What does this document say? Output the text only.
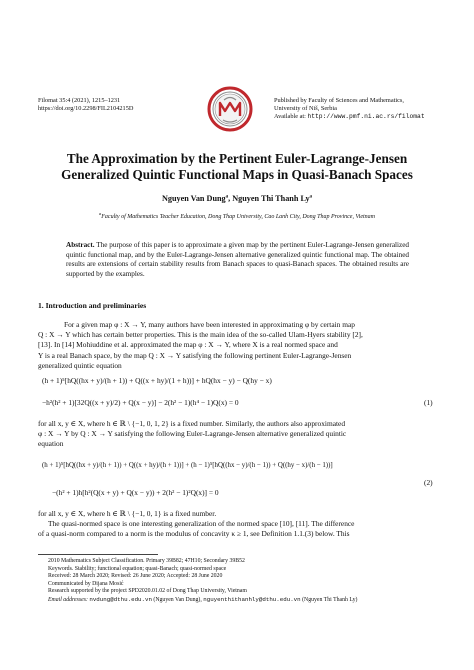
Filomat 35:4 (2021), 1215–1231
https://doi.org/10.2298/FIL2104215D
Published by Faculty of Sciences and Mathematics,
University of Niš, Serbia
Available at: http://www.pmf.ni.ac.rs/filomat
The Approximation by the Pertinent Euler-Lagrange-Jensen
Generalized Quintic Functional Maps in Quasi-Banach Spaces
Nguyen Van Dung$^a$, Nguyen Thi Thanh Ly$^a$
$^a$Faculty of Mathematics Teacher Education, Dong Thap University, Cao Lanh City, Dong Thap Province, Vietnam
Abstract. The purpose of this paper is to approximate a given map by the pertinent Euler-Lagrange-Jensen generalized quintic functional map, and by the Euler-Lagrange-Jensen alternative generalized quintic functional map. The obtained results are extensions of certain stability results from Banach spaces to quasi-Banach spaces. The obtained results are supported by the examples.
1. Introduction and preliminaries
For a given map φ : X → Y, many authors have been interested in approximating φ by certain map
Q : X → Y which has certain better properties. This is the main idea of the so-called Ulam-Hyers stability [2],
[13]. In [14] Mohiuddine et al. approximated the map φ : X → Y, where X is a real normed space and
Y is a real Banach space, by the map Q : X → Y satisfying the following pertinent Euler-Lagrange-Jensen
generalized quintic equation
(h + 1)⁵[hQ((hx + y)/(h + 1)) + Q((x + hy)/(1 + h))] + hQ(hx − y) − Q(hy − x)
−h²(h² + 1)[32Q((x + y)/2) + Q(x − y)] − 2(h² − 1)(h⁴ − 1)Q(x) = 0	(1)
for all x, y ∈ X, where h ∈ ℝ \ {−1, 0, 1, 2} is a fixed number. Similarly, the authors also approximated
φ : X → Y by Q : X → Y satisfying the following Euler-Lagrange-Jensen alternative generalized quintic
equation
(h + 1)⁵[hQ((hx + y)/(h + 1)) + Q((x + hy)/(h + 1))] + (h − 1)⁵[hQ((hx − y)/(h − 1)) + Q((hy − x)/(h − 1))]
−(h² + 1)h[h²(Q(x + y) + Q(x − y)) + 2(h² − 1)²Q(x)] = 0
(2)
for all x, y ∈ X, where h ∈ ℝ \ {−1, 0, 1} is a fixed number.
The quasi-normed space is one interesting generalization of the normed space [10], [11]. The difference
of a quasi-norm compared to a norm is the modulus of concavity κ ≥ 1, see Definition 1.1.(3) below. This
2010 Mathematics Subject Classification. Primary 39B82; 47H10; Secondary 39B52
Keywords. Stability; functional equation; quasi-Banach; quasi-normed space
Received: 28 March 2020; Revised: 26 June 2020; Accepted: 28 June 2020
Communicated by Dijana Mosić
Research supported by the project SPD2020.01.02 of Dong Thap University, Vietnam
Email addresses: nvdung@dthu.edu.vn (Nguyen Van Dung), nguyenthithanhly@dthu.edu.vn (Nguyen Thi Thanh Ly)
